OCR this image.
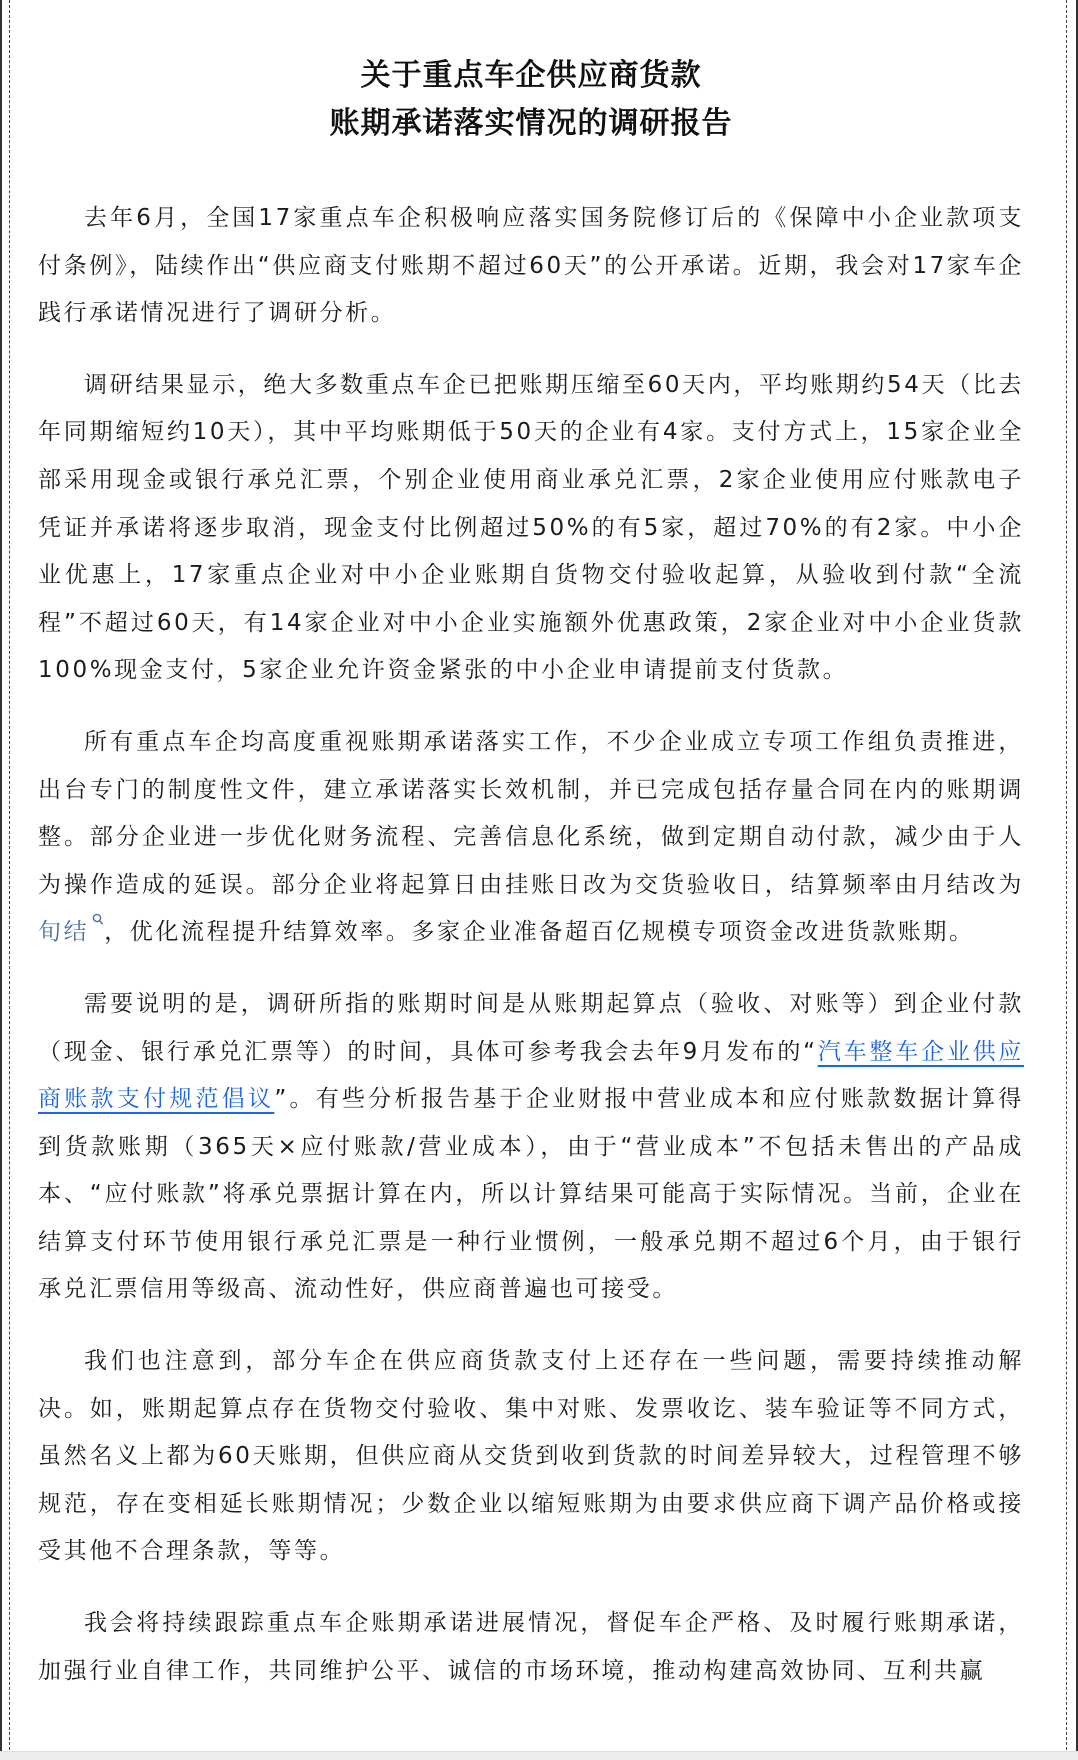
关于重点车企供应商货款
账期承诺落实情况的调研报告

去年6月，全国17家重点车企积极响应落实国务院修订后的《保障中小企业款项支付条例》，陆续作出“供应商支付账期不超过60天”的公开承诺。近期，我会对17家车企践行承诺情况进行了调研分析。

调研结果显示，绝大多数重点车企已把账期压缩至60天内，平均账期约54天（比去年同期缩短约10天），其中平均账期低于50天的企业有4家。支付方式上，15家企业全部采用现金或银行承兑汇票，个别企业使用商业承兑汇票，2家企业使用应付账款电子凭证并承诺将逐步取消，现金支付比例超过50%的有5家，超过70%的有2家。中小企业优惠上，17家重点企业对中小企业账期自货物交付验收起算，从验收到付款“全流程”不超过60天，有14家企业对中小企业实施额外优惠政策，2家企业对中小企业货款100%现金支付，5家企业允许资金紧张的中小企业申请提前支付货款。

所有重点车企均高度重视账期承诺落实工作，不少企业成立专项工作组负责推进，出台专门的制度性文件，建立承诺落实长效机制，并已完成包括存量合同在内的账期调整。部分企业进一步优化财务流程、完善信息化系统，做到定期自动付款，减少由于人为操作造成的延误。部分企业将起算日由挂账日改为交货验收日，结算频率由月结改为旬结 ，优化流程提升结算效率。多家企业准备超百亿规模专项资金改进货款账期。

需要说明的是，调研所指的账期时间是从账期起算点（验收、对账等）到企业付款（现金、银行承兑汇票等）的时间，具体可参考我会去年9月发布的“汽车整车企业供应商账款支付规范倡议”。有些分析报告基于企业财报中营业成本和应付账款数据计算得到货款账期（365天×应付账款/营业成本），由于“营业成本”不包括未售出的产品成本、“应付账款”将承兑票据计算在内，所以计算结果可能高于实际情况。当前，企业在结算支付环节使用银行承兑汇票是一种行业惯例，一般承兑期不超过6个月，由于银行承兑汇票信用等级高、流动性好，供应商普遍也可接受。

我们也注意到，部分车企在供应商货款支付上还存在一些问题，需要持续推动解决。如，账期起算点存在货物交付验收、集中对账、发票收讫、装车验证等不同方式，虽然名义上都为60天账期，但供应商从交货到收到货款的时间差异较大，过程管理不够规范，存在变相延长账期情况；少数企业以缩短账期为由要求供应商下调产品价格或接受其他不合理条款，等等。

我会将持续跟踪重点车企账期承诺进展情况，督促车企严格、及时履行账期承诺，加强行业自律工作，共同维护公平、诚信的市场环境，推动构建高效协同、互利共赢
